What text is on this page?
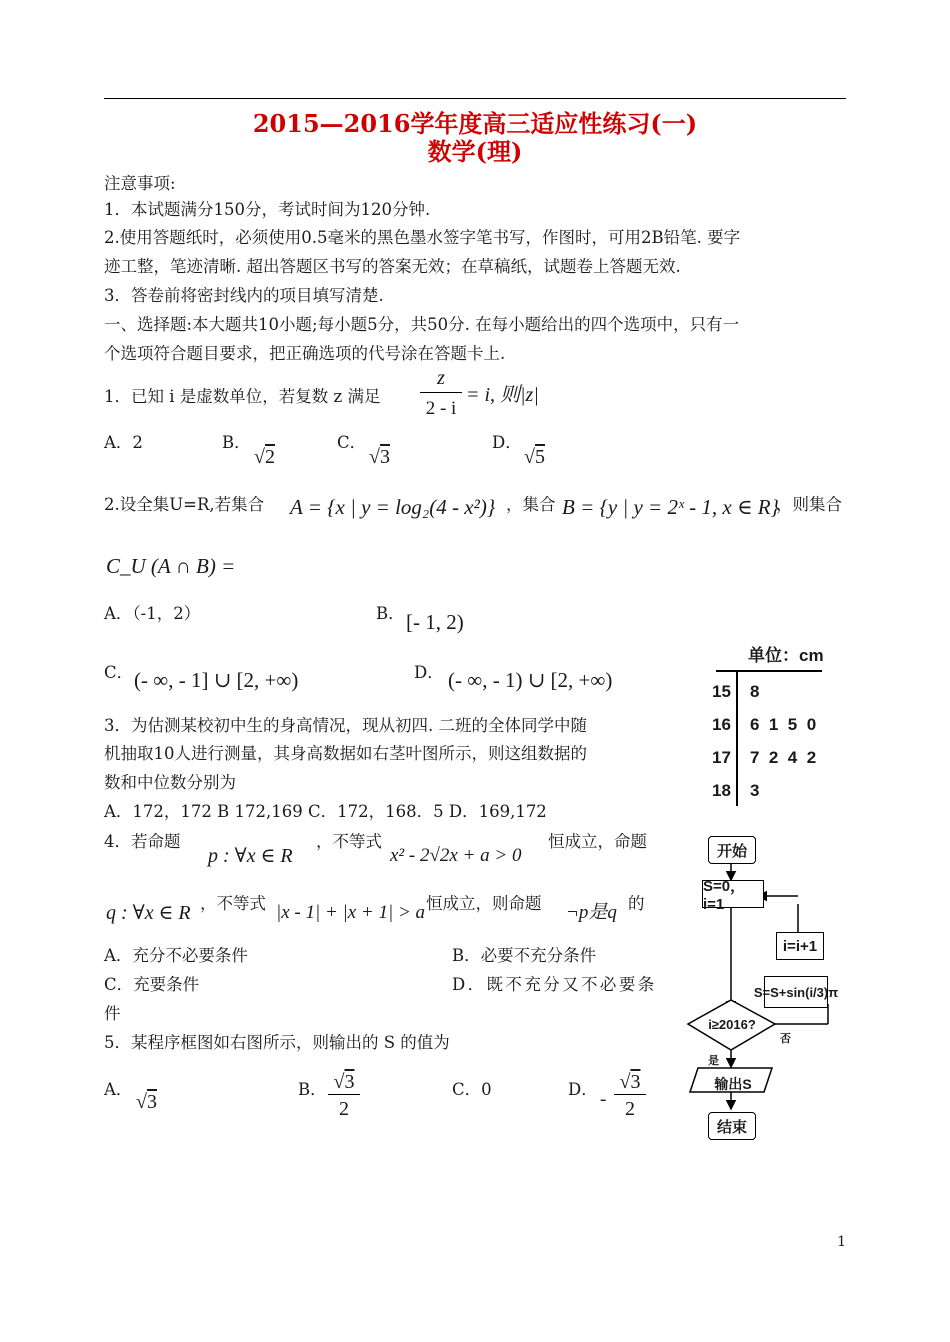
2015—2016学年度高三适应性练习(一)
数学(理)
注意事项:
1．本试题满分150分，考试时间为120分钟.
2.使用答题纸时，必须使用0.5毫米的黑色墨水签字笔书写，作图时，可用2B铅笔. 要字
迹工整，笔迹清晰. 超出答题区书写的答案无效；在草稿纸，试题卷上答题无效.
3．答卷前将密封线内的项目填写清楚.
一、选择题:本大题共10小题;每小题5分，共50分. 在每小题给出的四个选项中，只有一
个选项符合题目要求，把正确选项的代号涂在答题卡上.
1．已知 i 是虚数单位，若复数 z 满足
z
2 - i
= i, 则|z|
A．2	B．
√2
C．
√3
D．
√5
2.设全集U=R,若集合 A = {x | y = log₂(4 - x²)} ，集合 B = {y | y = 2ˣ - 1, x ∈ R}
，则集合
C_U (A ∩ B) =
A．（-1，2）	B． [- 1, 2)
C． (- ∞, - 1] ∪ [2, +∞)	D． (- ∞, - 1) ∪ [2, +∞)
单位：cm
15 8
16 6  1  5  0
17 7  2  4  2
18 3
3．为估测某校初中生的身高情况，现从初四. 二班的全体同学中随
机抽取10人进行测量，其身高数据如右茎叶图所示，则这组数据的
数和中位数分别为
A．172，172 B 172,169 C．172，168．5 D．169,172
4．若命题
p : ∀x ∈ R
，不等式
x² - 2√2x + a > 0
恒成立，命题
q : ∀x ∈ R ，不等式 |x - 1| + |x + 1| > a 恒成立，则命题 ¬p是q 的
A．充分不必要条件	B．必要不充分条件
C．充要条件	D．既不充分又不必要条
件
5．某程序框图如右图所示，则输出的 S 的值为
A．
√3
B． √3
2
C．0	D． -
√3
2
开始
S=0，i=1
i=i+1
S=S+sin(i/3)π
i≥2016?
否
是
输出S
结束
1
